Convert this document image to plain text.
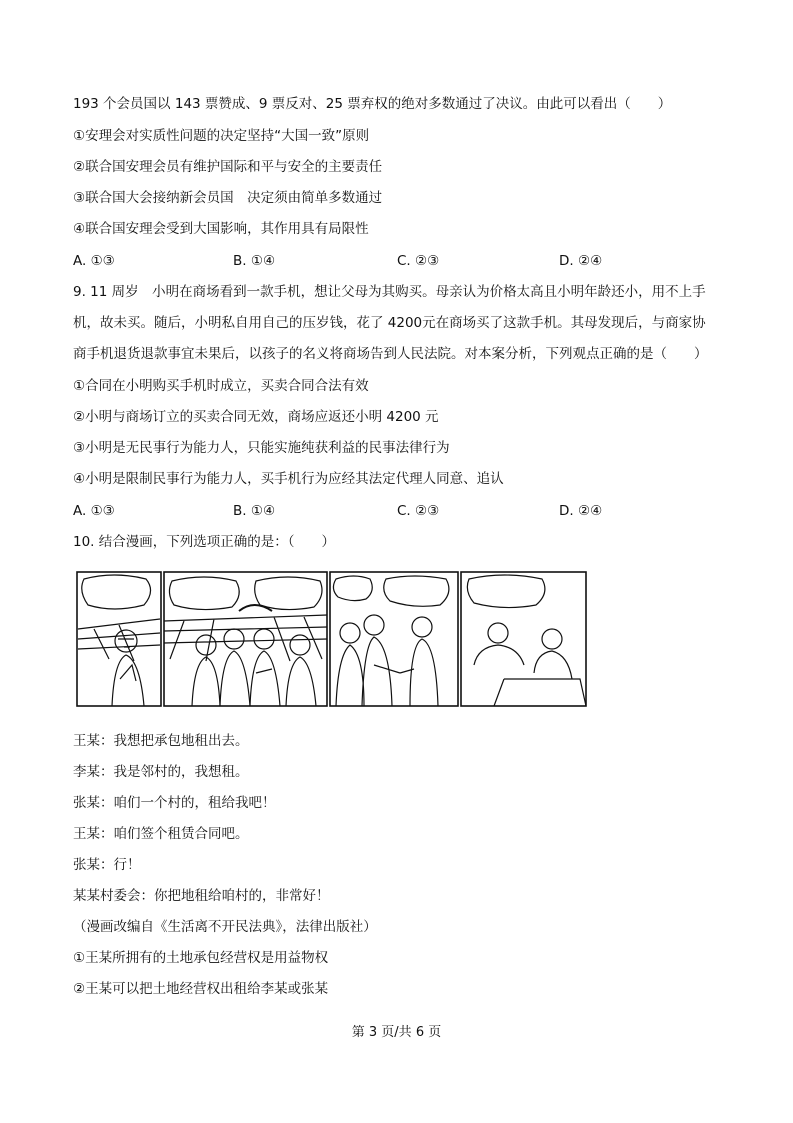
193 个会员国以 143 票赞成、9 票反对、25 票弃权的绝对多数通过了决议。由此可以看出（　　）
①安理会对实质性问题的决定坚持“大国一致”原则
②联合国安理会员有维护国际和平与安全的主要责任
③联合国大会接纳新会员国　决定须由简单多数通过
④联合国安理会受到大国影响，其作用具有局限性
A. ①③	B. ①④	C. ②③	D. ②④
9. 11 周岁　小明在商场看到一款手机，想让父母为其购买。母亲认为价格太高且小明年龄还小，用不上手
机，故未买。随后，小明私自用自己的压岁钱，花了 4200元在商场买了这款手机。其母发现后，与商家协
商手机退货退款事宜未果后，以孩子的名义将商场告到人民法院。对本案分析，下列观点正确的是（　　）
①合同在小明购买手机时成立，买卖合同合法有效
②小明与商场订立的买卖合同无效，商场应返还小明 4200 元
③小明是无民事行为能力人，只能实施纯获利益的民事法律行为
④小明是限制民事行为能力人，买手机行为应经其法定代理人同意、追认
A. ①③	B. ①④	C. ②③	D. ②④
10. 结合漫画，下列选项正确的是：（　　）
王某：我想把承包地租出去。
李某：我是邻村的，我想租。
张某：咱们一个村的，租给我吧！
王某：咱们签个租赁合同吧。
张某：行！
某某村委会：你把地租给咱村的，非常好！
（漫画改编自《生活离不开民法典》，法律出版社）
①王某所拥有的土地承包经营权是用益物权
②王某可以把土地经营权出租给李某或张某
第 3 页/共 6 页
